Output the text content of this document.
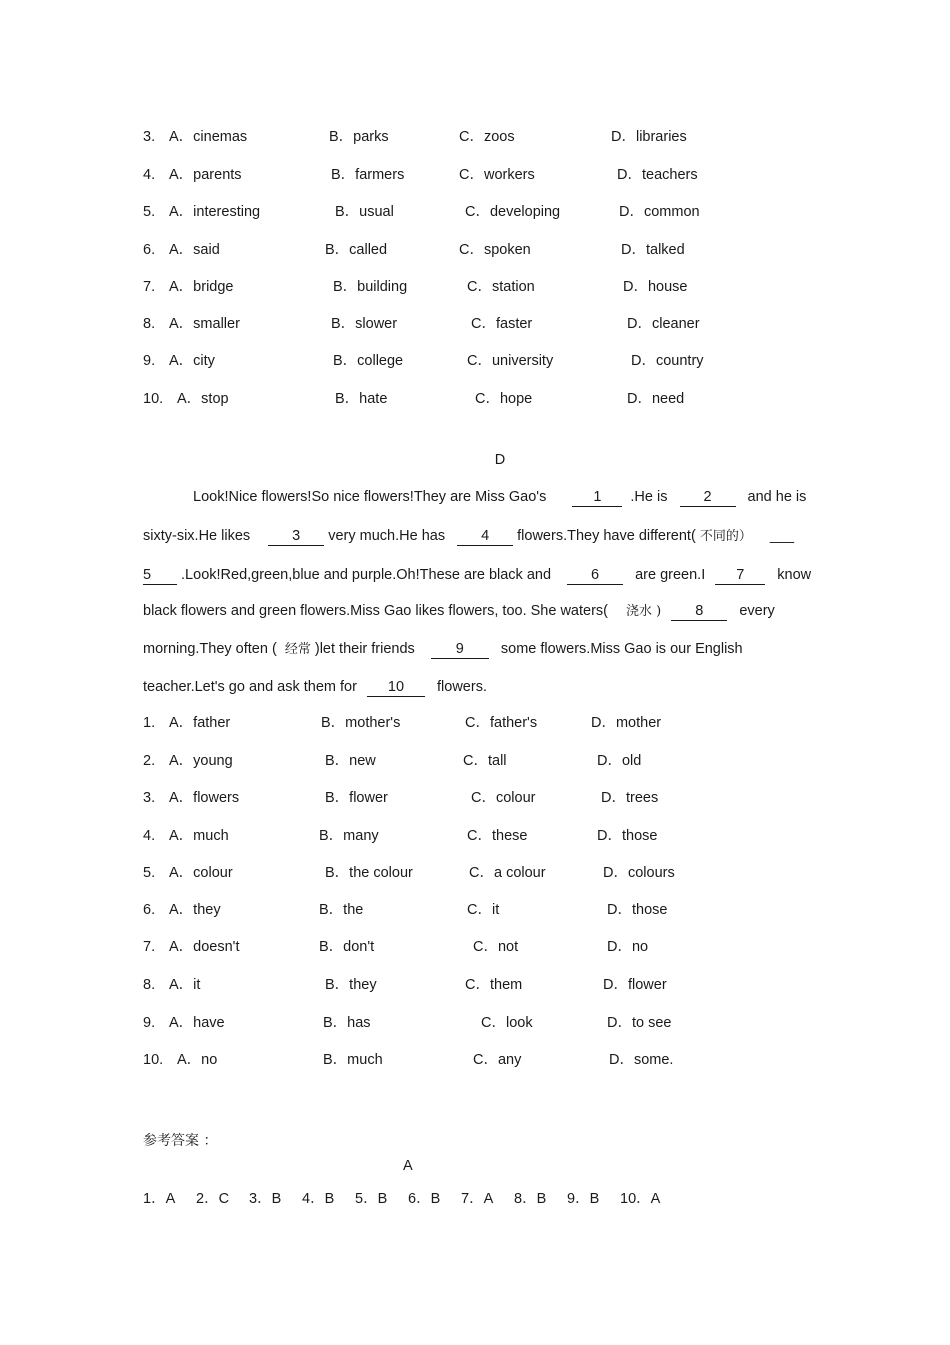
3. A．cinemas	B．parks	C．zoos	D．libraries
4. A．parents	B．farmers	C．workers	D．teachers
5. A．interesting	B．usual	C．developing	D．common
6. A．said	B．called	C．spoken	D．talked
7. A．bridge	B．building	C．station	D．house
8. A．smaller	B．slower	C．faster	D．cleaner
9. A．city	B．college	C．university	D．country
10. A．stop	B．hate	C．hope	D．need
D
Look!Nice flowers!So nice flowers!They are Miss Gao's	1 .He is 2 and he is
sixty-six.He likes	3 very much.He has 4 flowers.They have different( 不同的） ___
5 .Look!Red,green,blue and purple.Oh!These are black and	6 are green.I 7 know
black flowers and green flowers.Miss Gao likes flowers, too. She waters( 浇水 ) 8 every
morning.They often ( 经常 )let their friends	9	some flowers.Miss Gao is our English
teacher.Let's go and ask them for 10 flowers.
1. A．father	B．mother's	C．father's	D．mother
2. A．young	B．new	C．tall	D．old
3. A．flowers	B．flower	C．colour	D．trees
4. A．much	B．many	C．these	D．those
5. A．colour	B．the colour	C．a colour	D．colours
6. A．they	B．the	C．it	D．those
7. A．doesn't	B．don't	C．not	D．no
8. A．it	B．they	C．them	D．flower
9. A．have	B．has	C．look	D．to see
10. A．no	B．much	C．any	D．some.
参考答案 ：
A
1．A 2．C 3．B 4．B 5．B 6．B 7．A 8．B 9．B 10．A
